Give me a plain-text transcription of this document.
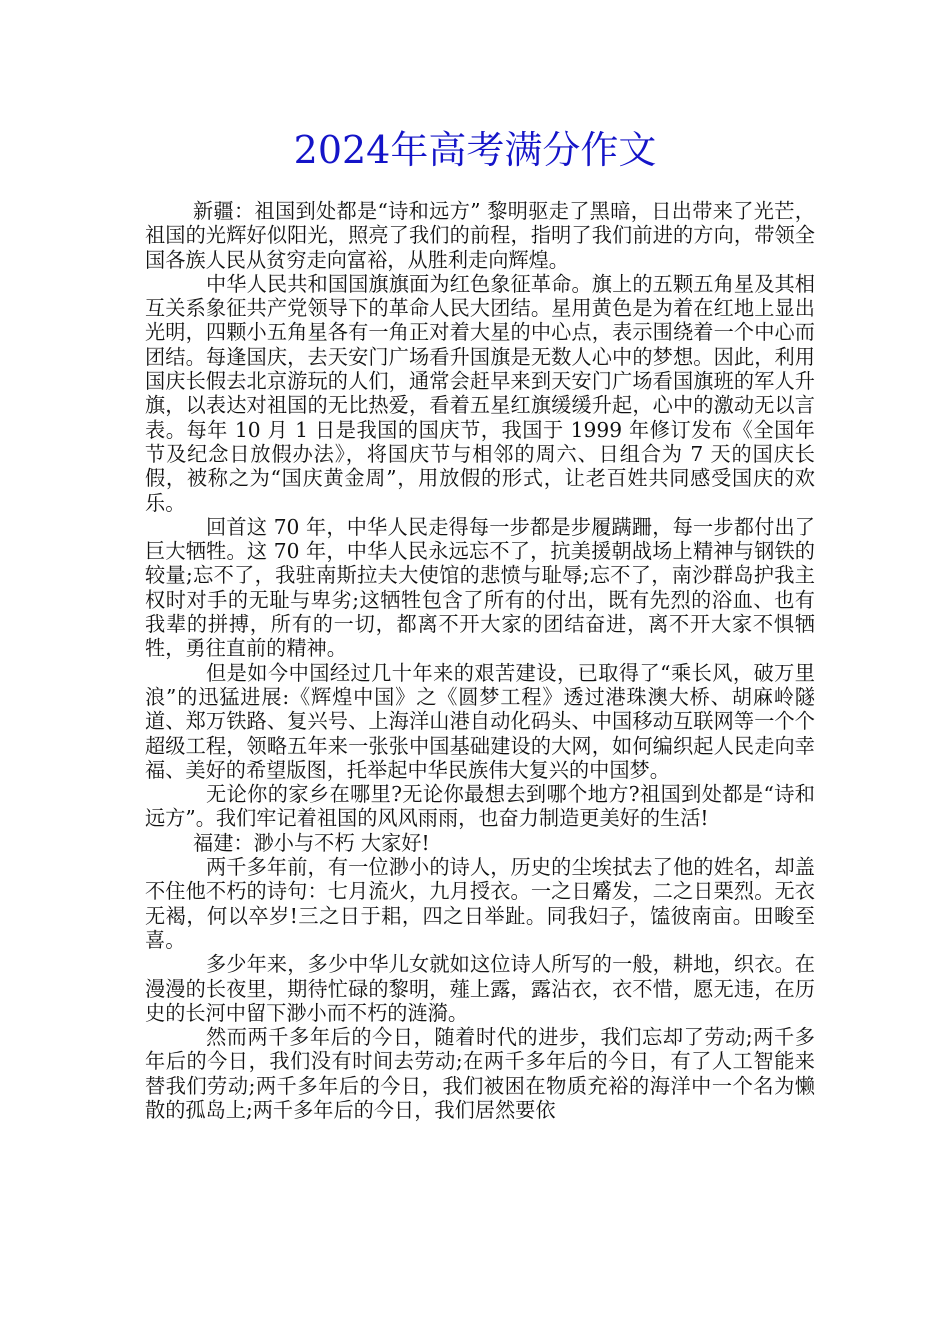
2024年高考满分作文

新疆：祖国到处都是“诗和远方” 黎明驱走了黑暗，日出带来了光芒，祖国的光辉好似阳光，照亮了我们的前程，指明了我们前进的方向，带领全国各族人民从贫穷走向富裕，从胜利走向辉煌。

中华人民共和国国旗旗面为红色象征革命。旗上的五颗五角星及其相互关系象征共产党领导下的革命人民大团结。星用黄色是为着在红地上显出光明，四颗小五角星各有一角正对着大星的中心点，表示围绕着一个中心而团结。每逢国庆，去天安门广场看升国旗是无数人心中的梦想。因此，利用国庆长假去北京游玩的人们，通常会赶早来到天安门广场看国旗班的军人升旗，以表达对祖国的无比热爱，看着五星红旗缓缓升起，心中的激动无以言表。每年 10 月 1 日是我国的国庆节，我国于 1999 年修订发布《全国年节及纪念日放假办法》，将国庆节与相邻的周六、日组合为 7 天的国庆长假，被称之为“国庆黄金周”，用放假的形式，让老百姓共同感受国庆的欢乐。

回首这 70 年，中华人民走得每一步都是步履蹒跚，每一步都付出了巨大牺牲。这 70 年，中华人民永远忘不了，抗美援朝战场上精神与钢铁的较量;忘不了，我驻南斯拉夫大使馆的悲愤与耻辱;忘不了，南沙群岛护我主权时对手的无耻与卑劣;这牺牲包含了所有的付出，既有先烈的浴血、也有我辈的拼搏，所有的一切，都离不开大家的团结奋进，离不开大家不惧牺牲，勇往直前的精神。

但是如今中国经过几十年来的艰苦建设，已取得了“乘长风，破万里浪”的迅猛进展:《辉煌中国》之《圆梦工程》透过港珠澳大桥、胡麻岭隧道、郑万铁路、复兴号、上海洋山港自动化码头、中国移动互联网等一个个超级工程，领略五年来一张张中国基础建设的大网，如何编织起人民走向幸福、美好的希望版图，托举起中华民族伟大复兴的中国梦。

无论你的家乡在哪里?无论你最想去到哪个地方?祖国到处都是“诗和远方”。我们牢记着祖国的风风雨雨，也奋力制造更美好的生活!

福建：渺小与不朽 大家好!

两千多年前，有一位渺小的诗人，历史的尘埃拭去了他的姓名，却盖不住他不朽的诗句：七月流火，九月授衣。一之日觱发，二之日栗烈。无衣无褐，何以卒岁!三之日于耜，四之日举趾。同我妇子，馌彼南亩。田畯至喜。

多少年来，多少中华儿女就如这位诗人所写的一般，耕地，织衣。在漫漫的长夜里，期待忙碌的黎明，薤上露，露沾衣，衣不惜，愿无违，在历史的长河中留下渺小而不朽的涟漪。

然而两千多年后的今日，随着时代的进步，我们忘却了劳动;两千多年后的今日，我们没有时间去劳动;在两千多年后的今日，有了人工智能来替我们劳动;两千多年后的今日，我们被困在物质充裕的海洋中一个名为懒散的孤岛上;两千多年后的今日，我们居然要依
